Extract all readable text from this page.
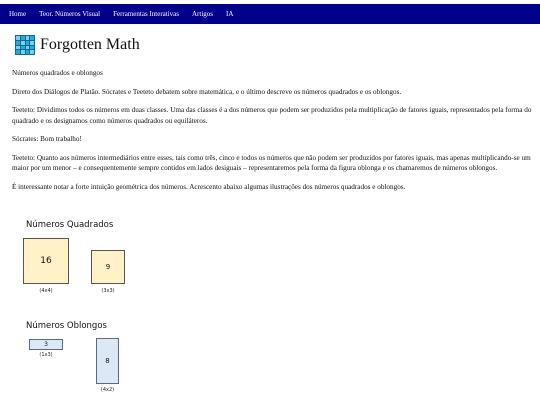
Home Teor. Números Visual Ferramentas Interativas Artigos IA
Forgotten Math

Números quadrados e oblongos

Direto dos Diálogos de Platão. Sócrates e Teeteto debatem sobre matemática, e o último descreve os números quadrados e os oblongos.

Teeteto: Dividimos todos os números em duas classes. Uma das classes é a dos números que podem ser produzidos pela multiplicação de fatores iguais, representados pela forma do quadrado e os designamos como números quadrados ou equiláteros.

Sócrates: Bom trabalho!

Teeteto: Quanto aos números intermediários entre esses, tais como três, cinco e todos os números que não podem ser produzidos por fatores iguais, mas apenas multiplicando-se um maior por um menor – e consequentemente sempre contidos em lados desiguais – representaremos pela forma da figura oblonga e os chamaremos de números oblongos.

É interessante notar a forte intuição geométrica dos números. Acrescento abaixo algumas ilustrações dos números quadrados e oblongos.

Números Quadrados
16
(4x4)
9
(3x3)
Números Oblongos
3
(1x3)
8
(4x2)
